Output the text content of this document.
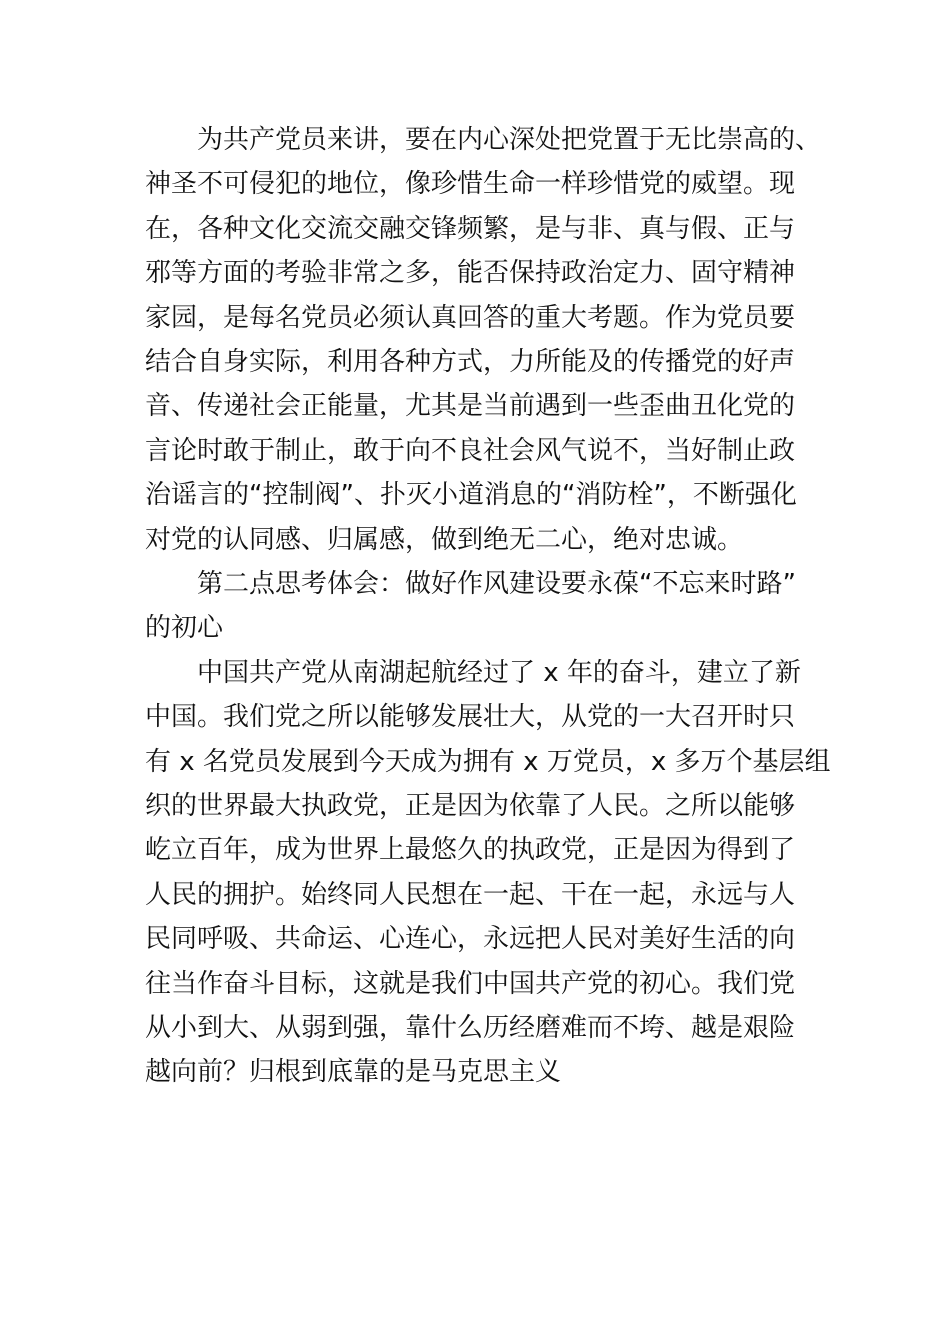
为共产党员来讲，要在内心深处把党置于无比崇高的、
神圣不可侵犯的地位，像珍惜生命一样珍惜党的威望。现
在，各种文化交流交融交锋频繁，是与非、真与假、正与
邪等方面的考验非常之多，能否保持政治定力、固守精神
家园，是每名党员必须认真回答的重大考题。作为党员要
结合自身实际，利用各种方式，力所能及的传播党的好声
音、传递社会正能量，尤其是当前遇到一些歪曲丑化党的
言论时敢于制止，敢于向不良社会风气说不，当好制止政
治谣言的“控制阀”、扑灭小道消息的“消防栓”，不断强化
对党的认同感、归属感，做到绝无二心，绝对忠诚。
第二点思考体会：做好作风建设要永葆“不忘来时路”
的初心
中国共产党从南湖起航经过了 x 年的奋斗，建立了新
中国。我们党之所以能够发展壮大，从党的一大召开时只
有 x 名党员发展到今天成为拥有 x 万党员，x 多万个基层组
织的世界最大执政党，正是因为依靠了人民。之所以能够
屹立百年，成为世界上最悠久的执政党，正是因为得到了
人民的拥护。始终同人民想在一起、干在一起，永远与人
民同呼吸、共命运、心连心，永远把人民对美好生活的向
往当作奋斗目标，这就是我们中国共产党的初心。我们党
从小到大、从弱到强，靠什么历经磨难而不垮、越是艰险
越向前？归根到底靠的是马克思主义
